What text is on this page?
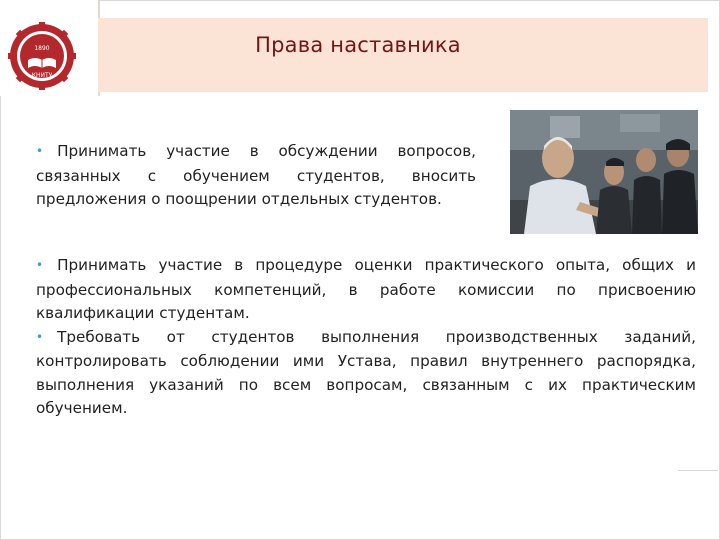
1890
КНИТУ
Права наставника

• Принимать участие в обсуждении вопросов, связанных с обучением студентов, вносить предложения о поощрении отдельных студентов.

• Принимать участие в процедуре оценки практического опыта, общих и профессиональных компетенций, в работе комиссии по присвоению квалификации студентам.

• Требовать от студентов выполнения производственных заданий, контролировать соблюдении ими Устава, правил внутреннего распорядка, выполнения указаний по всем вопросам, связанным с их практическим обучением.
